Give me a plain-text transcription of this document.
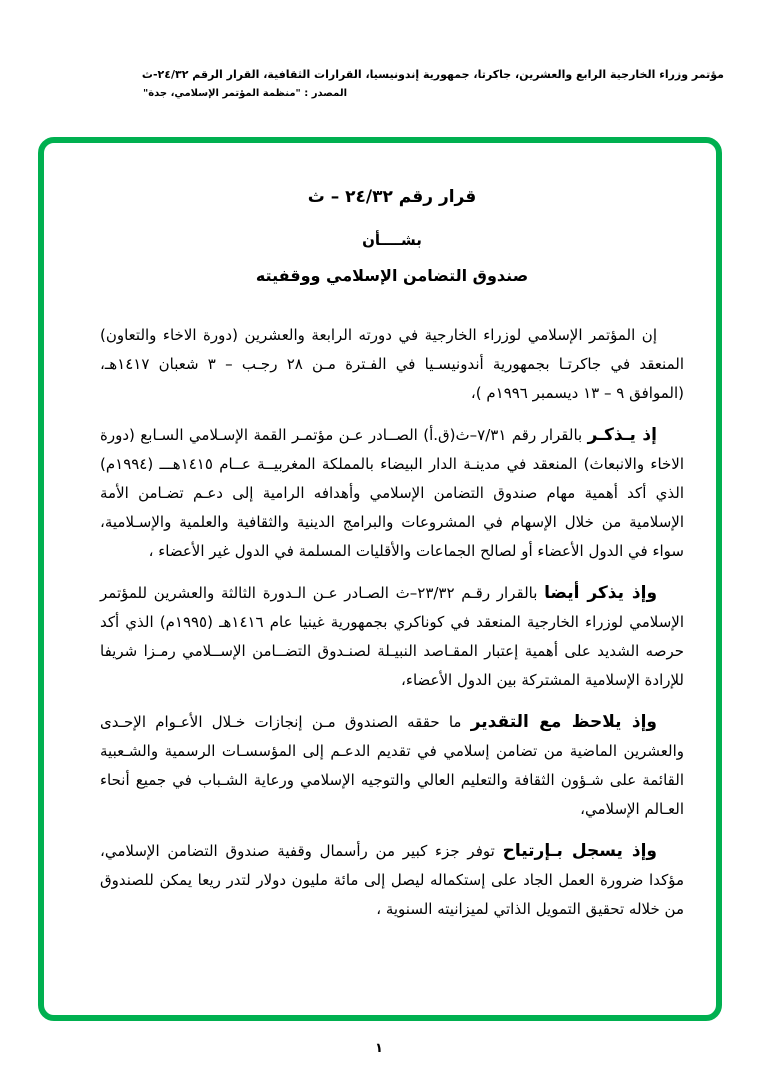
مؤتمر وزراء الخارجية الرابع والعشرين، جاكرتا، جمهورية إندونيسيا، القرارات الثقافية، القرار الرقم ٢٤/٣٢-ث
المصدر : "منظمة المؤتمر الإسلامي، جدة"
قرار رقم ٢٤/٣٢ – ث
بشــــأن
صندوق التضامن الإسلامي ووقفيته

إن المؤتمر الإسلامي لوزراء الخارجية في دورته الرابعة والعشرين (دورة الاخاء والتعاون) المنعقد في جاكرتـا بجمهورية أندونيسـيا في الفـترة مـن ٢٨ رجـب – ٣ شعبان ١٤١٧هـ، (الموافق ٩ – ١٣ ديسمبر ١٩٩٦م )،

إذ يـذكـر بالقرار رقم ٧/٣١–ث(ق.أ) الصــادر عـن مؤتمـر القمة الإسـلامي السـابع (دورة الاخاء والانبعاث) المنعقد في مدينـة الدار البيضاء بالمملكة المغربيــة عــام ١٤١٥هـــ (١٩٩٤م) الذي أكد أهمية مهام صندوق التضامن الإسلامي وأهدافه الرامية إلى دعـم تضـامن الأمة الإسلامية من خلال الإسهام في المشروعات والبرامج الدينية والثقافية والعلمية والإسـلامية، سواء في الدول الأعضاء أو لصالح الجماعات والأقليات المسلمة في الدول غير الأعضاء ،

وإذ يذكر أيضا بالقرار رقـم ٢٣/٣٢–ث الصـادر عـن الـدورة الثالثة والعشرين للمؤتمر الإسلامي لوزراء الخارجية المنعقد في كوناكري بجمهورية غينيا عام ١٤١٦هـ (١٩٩٥م) الذي أكد حرصه الشديد على أهمية إعتبار المقـاصد النبيـلة لصنـدوق التضــامن الإســلامي رمـزا شريفا للإرادة الإسلامية المشتركة بين الدول الأعضاء،

وإذ يلاحظ مع التقدير ما حققه الصندوق مـن إنجازات خـلال الأعـوام الإحـدى والعشرين الماضية من تضامن إسلامي في تقديم الدعـم إلى المؤسسـات الرسمية والشـعبية القائمة على شـؤون الثقافة والتعليم العالي والتوجيه الإسلامي ورعاية الشـباب في جميع أنحاء العـالم الإسلامي،

وإذ يسجل بـإرتياح توفر جزء كبير من رأسمال وقفية صندوق التضامن الإسلامي، مؤكدا ضرورة العمل الجاد على إستكماله ليصل إلى مائة مليون دولار لتدر ريعا يمكن للصندوق من خلاله تحقيق التمويل الذاتي لميزانيته السنوية ،

١
